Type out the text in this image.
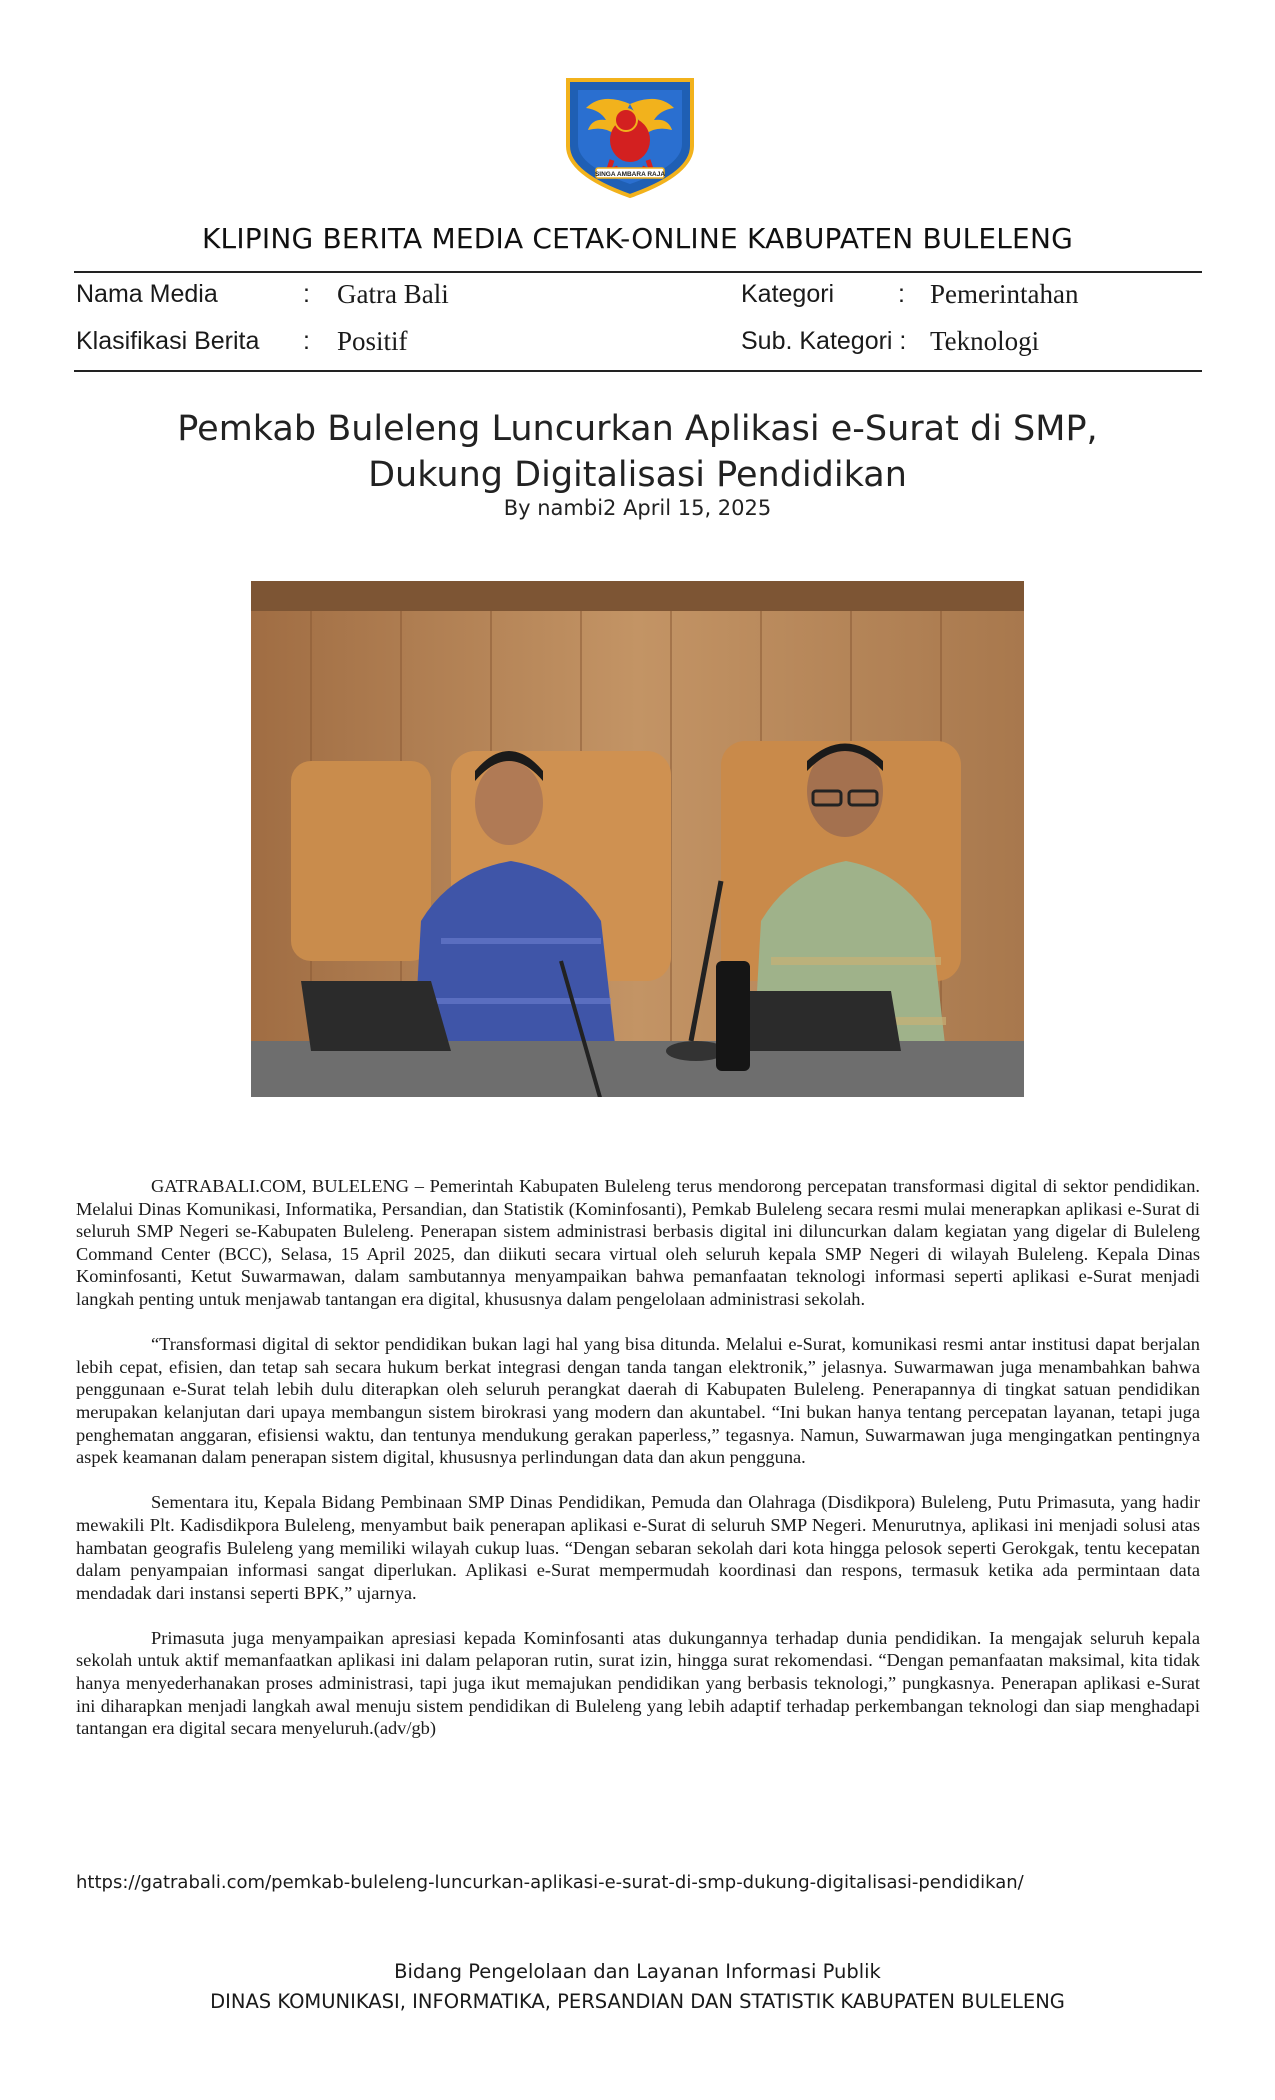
SINGA AMBARA RAJA
KLIPING BERITA MEDIA CETAK-ONLINE KABUPATEN BULELENG
Nama Media	: Gatra Bali	Kategori	: Pemerintahan
Klasifikasi Berita : Positif	Sub. Kategori : Teknologi
Pemkab Buleleng Luncurkan Aplikasi e-Surat di SMP,
Dukung Digitalisasi Pendidikan
By nambi2 April 15, 2025

GATRABALI.COM, BULELENG – Pemerintah Kabupaten Buleleng terus mendorong percepatan transformasi digital di sektor pendidikan. Melalui Dinas Komunikasi, Informatika, Persandian, dan Statistik (Kominfosanti), Pemkab Buleleng secara resmi mulai menerapkan aplikasi e-Surat di seluruh SMP Negeri se-Kabupaten Buleleng. Penerapan sistem administrasi berbasis digital ini diluncurkan dalam kegiatan yang digelar di Buleleng Command Center (BCC), Selasa, 15 April 2025, dan diikuti secara virtual oleh seluruh kepala SMP Negeri di wilayah Buleleng. Kepala Dinas Kominfosanti, Ketut Suwarmawan, dalam sambutannya menyampaikan bahwa pemanfaatan teknologi informasi seperti aplikasi e-Surat menjadi langkah penting untuk menjawab tantangan era digital, khususnya dalam pengelolaan administrasi sekolah.

“Transformasi digital di sektor pendidikan bukan lagi hal yang bisa ditunda. Melalui e-Surat, komunikasi resmi antar institusi dapat berjalan lebih cepat, efisien, dan tetap sah secara hukum berkat integrasi dengan tanda tangan elektronik,” jelasnya. Suwarmawan juga menambahkan bahwa penggunaan e-Surat telah lebih dulu diterapkan oleh seluruh perangkat daerah di Kabupaten Buleleng. Penerapannya di tingkat satuan pendidikan merupakan kelanjutan dari upaya membangun sistem birokrasi yang modern dan akuntabel. “Ini bukan hanya tentang percepatan layanan, tetapi juga penghematan anggaran, efisiensi waktu, dan tentunya mendukung gerakan paperless,” tegasnya. Namun, Suwarmawan juga mengingatkan pentingnya aspek keamanan dalam penerapan sistem digital, khususnya perlindungan data dan akun pengguna.

Sementara itu, Kepala Bidang Pembinaan SMP Dinas Pendidikan, Pemuda dan Olahraga (Disdikpora) Buleleng, Putu Primasuta, yang hadir mewakili Plt. Kadisdikpora Buleleng, menyambut baik penerapan aplikasi e-Surat di seluruh SMP Negeri. Menurutnya, aplikasi ini menjadi solusi atas hambatan geografis Buleleng yang memiliki wilayah cukup luas. “Dengan sebaran sekolah dari kota hingga pelosok seperti Gerokgak, tentu kecepatan dalam penyampaian informasi sangat diperlukan. Aplikasi e-Surat mempermudah koordinasi dan respons, termasuk ketika ada permintaan data mendadak dari instansi seperti BPK,” ujarnya.

Primasuta juga menyampaikan apresiasi kepada Kominfosanti atas dukungannya terhadap dunia pendidikan. Ia mengajak seluruh kepala sekolah untuk aktif memanfaatkan aplikasi ini dalam pelaporan rutin, surat izin, hingga surat rekomendasi. “Dengan pemanfaatan maksimal, kita tidak hanya menyederhanakan proses administrasi, tapi juga ikut memajukan pendidikan yang berbasis teknologi,” pungkasnya. Penerapan aplikasi e-Surat ini diharapkan menjadi langkah awal menuju sistem pendidikan di Buleleng yang lebih adaptif terhadap perkembangan teknologi dan siap menghadapi tantangan era digital secara menyeluruh.(adv/gb)

https://gatrabali.com/pemkab-buleleng-luncurkan-aplikasi-e-surat-di-smp-dukung-digitalisasi-pendidikan/
Bidang Pengelolaan dan Layanan Informasi Publik
DINAS KOMUNIKASI, INFORMATIKA, PERSANDIAN DAN STATISTIK KABUPATEN BULELENG
